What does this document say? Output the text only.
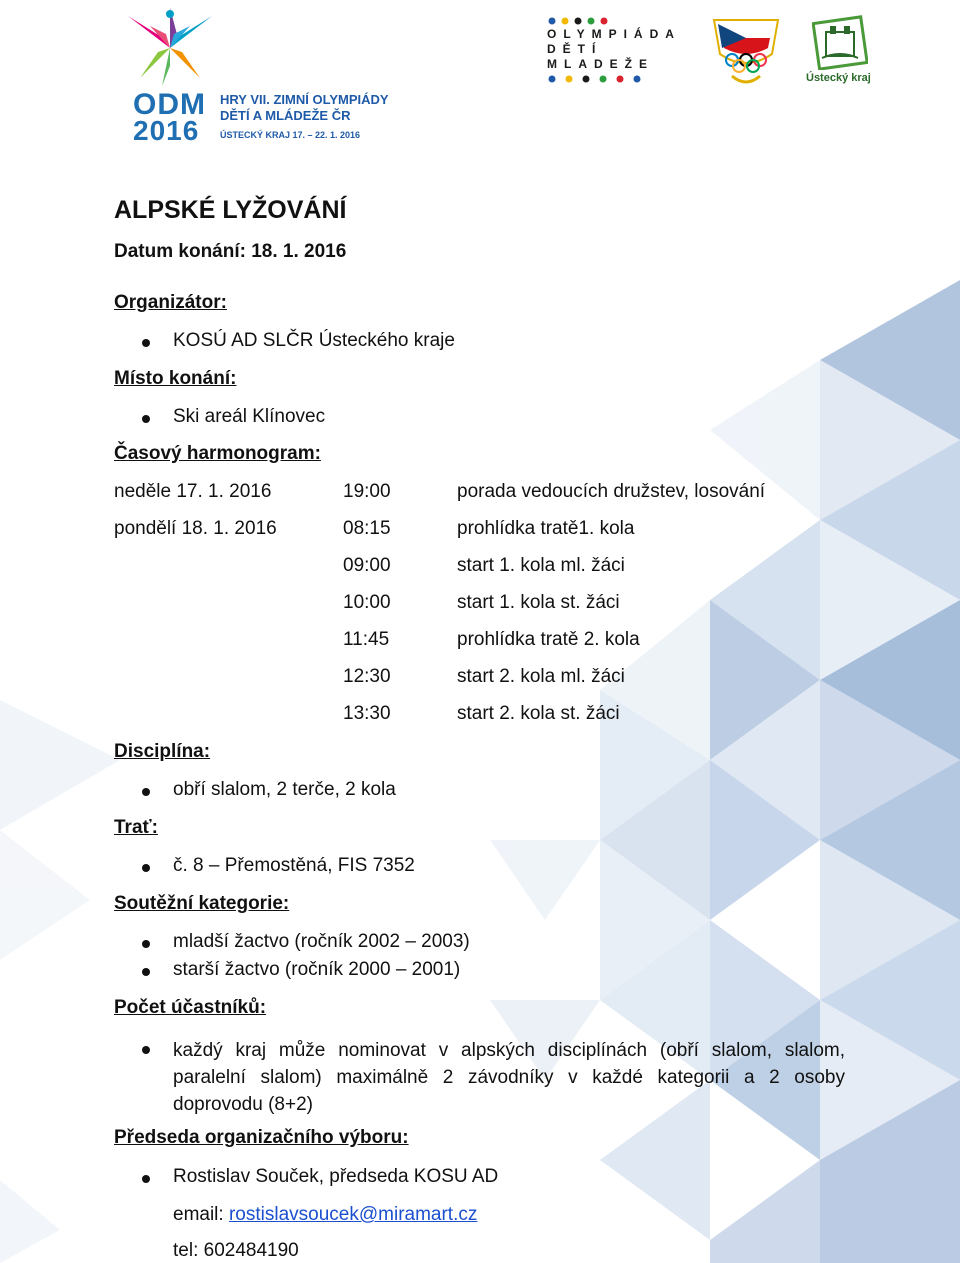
ODM
2016
HRY VII. ZIMNÍ OLYMPIÁDY
DĚTÍ A MLÁDEŽE ČR
ÚSTECKÝ KRAJ 17. – 22. 1. 2016
OLYMPIÁDA
DĚTÍ
MLADEŽE
Ústecký kraj
ALPSKÉ LYŽOVÁNÍ
Datum konání: 18. 1. 2016
Organizátor:
KOSÚ AD SLČR Ústeckého kraje
Místo konání:
Ski areál Klínovec
Časový harmonogram:
neděle 17. 1. 2016	19:00	porada vedoucích družstev, losování
pondělí 18. 1. 2016	08:15	prohlídka tratě1. kola
09:00	start 1. kola ml. žáci
10:00	start 1. kola st. žáci
11:45	prohlídka tratě 2. kola
12:30	start 2. kola ml. žáci
13:30	start 2. kola st. žáci
Disciplína:
obří slalom, 2 terče, 2 kola
Trať:
č. 8 – Přemostěná, FIS 7352
Soutěžní kategorie:
mladší žactvo (ročník 2002 – 2003)
starší žactvo (ročník 2000 – 2001)
Počet účastníků:
každý kraj může nominovat v alpských disciplínách (obří slalom, slalom, paralelní slalom) maximálně 2 závodníky v každé kategorii a 2 osoby doprovodu (8+2)
Předseda organizačního výboru:
Rostislav Souček, předseda KOSU AD
email: rostislavsoucek@miramart.cz
tel: 602484190
